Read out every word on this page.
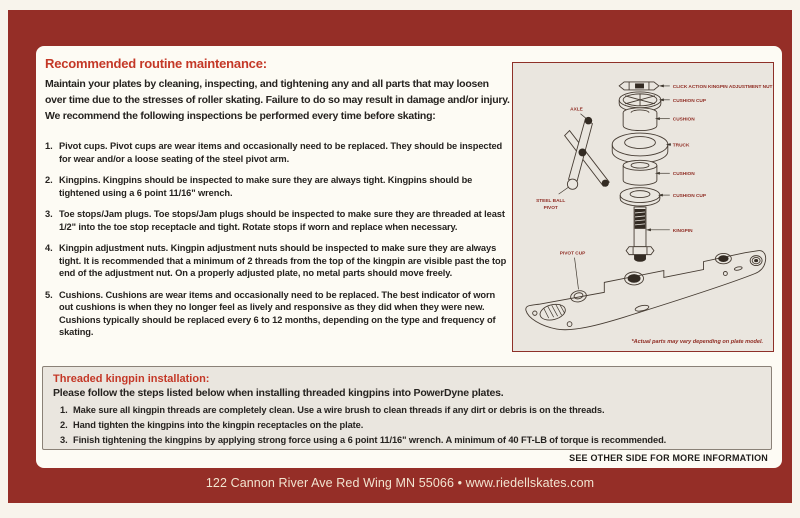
Recommended routine maintenance:

Maintain your plates by cleaning, inspecting, and tightening any and all parts that may loosen over time due to the stresses of roller skating. Failure to do so may result in damage and/or injury. We recommend the following inspections be performed every time before skating:

1. Pivot cups. Pivot cups are wear items and occasionally need to be replaced. They should be inspected for wear and/or a loose seating of the steel pivot arm.
2. Kingpins. Kingpins should be inspected to make sure they are always tight. Kingpins should be tightened using a 6 point 11/16" wrench.
3. Toe stops/Jam plugs. Toe stops/Jam plugs should be inspected to make sure they are threaded at least 1/2" into the toe stop receptacle and tight. Rotate stops if worn and replace when necessary.
4. Kingpin adjustment nuts. Kingpin adjustment nuts should be inspected to make sure they are always tight. It is recommended that a minimum of 2 threads from the top of the kingpin are visible past the top end of the adjustment nut. On a properly adjusted plate, no metal parts should move freely.
5. Cushions. Cushions are wear items and occasionally need to be replaced. The best indicator of worn out cushions is when they no longer feel as lively and responsive as they did when they were new. Cushions typically should be replaced every 6 to 12 months, depending on the type and frequency of skating.
CLICK ACTION KINGPIN ADJUSTMENT NUT
CUSHION CUP
CUSHION
TRUCK
CUSHION
CUSHION CUP
KINGPIN
AXLE
STEEL BALL
PIVOT
PIVOT CUP
*Actual parts may vary depending on plate model.
Threaded kingpin installation:

Please follow the steps listed below when installing threaded kingpins into PowerDyne plates.

1. Make sure all kingpin threads are completely clean. Use a wire brush to clean threads if any dirt or debris is on the threads.
2. Hand tighten the kingpins into the kingpin receptacles on the plate.
3. Finish tightening the kingpins by applying strong force using a 6 point 11/16" wrench. A minimum of 40 FT-LB of torque is recommended.
SEE OTHER SIDE FOR MORE INFORMATION
122 Cannon River Ave Red Wing MN 55066 • www.riedellskates.com
